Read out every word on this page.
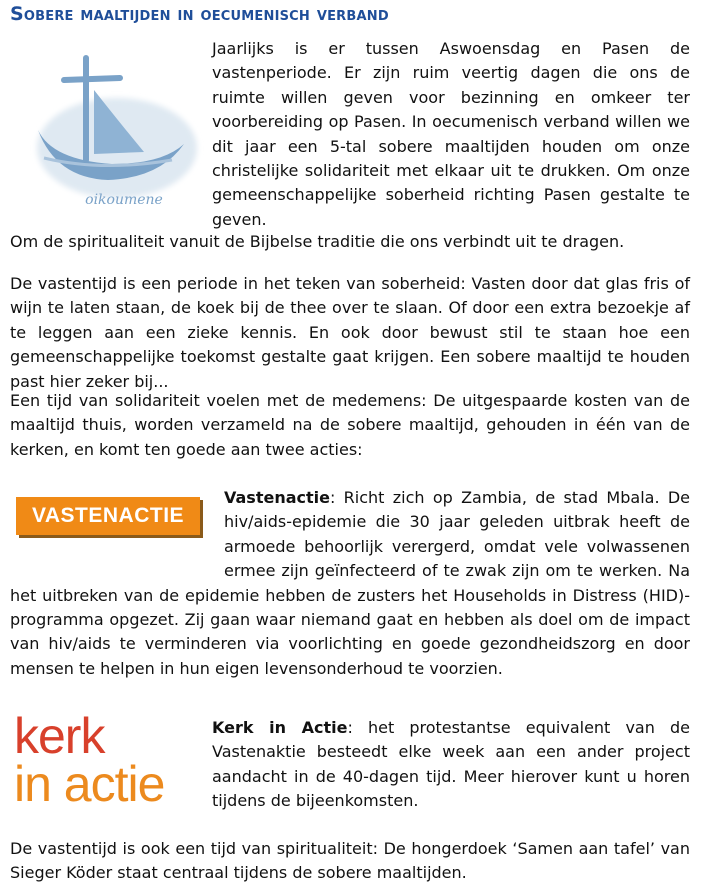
Sobere maaltijden in oecumenisch verband
oikoumene

Jaarlijks is er tussen Aswoensdag en Pasen de vastenperiode. Er zijn ruim veertig dagen die ons de ruimte willen geven voor bezinning en omkeer ter voorbereiding op Pasen. In oecumenisch verband willen we dit jaar een 5-tal sobere maaltijden houden om onze christelijke solidariteit met elkaar uit te drukken. Om onze gemeenschappelijke soberheid richting Pasen gestalte te geven.

Om de spiritualiteit vanuit de Bijbelse traditie die ons verbindt uit te dragen.

De vastentijd is een periode in het teken van soberheid: Vasten door dat glas fris of wijn te laten staan, de koek bij de thee over te slaan. Of door een extra bezoekje af te leggen aan een zieke kennis. En ook door bewust stil te staan hoe een gemeenschappelijke toekomst gestalte gaat krijgen. Een sobere maaltijd te houden past hier zeker bij...

Een tijd van solidariteit voelen met de medemens: De uitgespaarde kosten van de maaltijd thuis, worden verzameld na de sobere maaltijd, gehouden in één van de kerken, en komt ten goede aan twee acties:

VASTENACTIE

Vastenactie: Richt zich op Zambia, de stad Mbala. De hiv/aids-epidemie die 30 jaar geleden uitbrak heeft de armoede behoorlijk verergerd, omdat vele volwassenen ermee zijn geïnfecteerd of te zwak zijn om te werken. Na het uitbreken van de epidemie hebben de zusters het Households in Distress (HID)-programma opgezet. Zij gaan waar niemand gaat en hebben als doel om de impact van hiv/aids te verminderen via voorlichting en goede gezondheidszorg en door mensen te helpen in hun eigen levensonderhoud te voorzien.

kerk
in actie

Kerk in Actie: het protestantse equivalent van de Vastenaktie besteedt elke week aan een ander project aandacht in de 40-dagen tijd. Meer hierover kunt u horen tijdens de bijeenkomsten.

De vastentijd is ook een tijd van spiritualiteit: De hongerdoek ‘Samen aan tafel’ van Sieger Köder staat centraal tijdens de sobere maaltijden.
